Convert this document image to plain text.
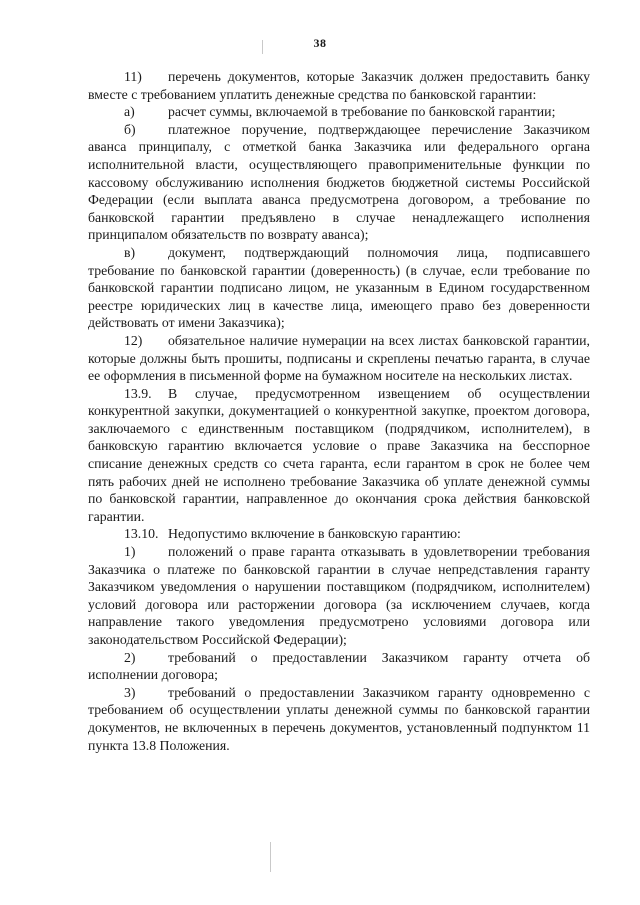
38

11) перечень документов, которые Заказчик должен предоставить банку вместе с требованием уплатить денежные средства по банковской гарантии:

а) расчет суммы, включаемой в требование по банковской гарантии;

б) платежное поручение, подтверждающее перечисление Заказчиком аванса принципалу, с отметкой банка Заказчика или федерального органа исполнительной власти, осуществляющего правоприменительные функции по кассовому обслуживанию исполнения бюджетов бюджетной системы Российской Федерации (если выплата аванса предусмотрена договором, а требование по банковской гарантии предъявлено в случае ненадлежащего исполнения принципалом обязательств по возврату аванса);

в) документ, подтверждающий полномочия лица, подписавшего требование по банковской гарантии (доверенность) (в случае, если требование по банковской гарантии подписано лицом, не указанным в Едином государственном реестре юридических лиц в качестве лица, имеющего право без доверенности действовать от имени Заказчика);

12) обязательное наличие нумерации на всех листах банковской гарантии, которые должны быть прошиты, подписаны и скреплены печатью гаранта, в случае ее оформления в письменной форме на бумажном носителе на нескольких листах.

13.9. В случае, предусмотренном извещением об осуществлении конкурентной закупки, документацией о конкурентной закупке, проектом договора, заключаемого с единственным поставщиком (подрядчиком, исполнителем), в банковскую гарантию включается условие о праве Заказчика на бесспорное списание денежных средств со счета гаранта, если гарантом в срок не более чем пять рабочих дней не исполнено требование Заказчика об уплате денежной суммы по банковской гарантии, направленное до окончания срока действия банковской гарантии.

13.10. Недопустимо включение в банковскую гарантию:

1) положений о праве гаранта отказывать в удовлетворении требования Заказчика о платеже по банковской гарантии в случае непредставления гаранту Заказчиком уведомления о нарушении поставщиком (подрядчиком, исполнителем) условий договора или расторжении договора (за исключением случаев, когда направление такого уведомления предусмотрено условиями договора или законодательством Российской Федерации);

2) требований о предоставлении Заказчиком гаранту отчета об исполнении договора;

3) требований о предоставлении Заказчиком гаранту одновременно с требованием об осуществлении уплаты денежной суммы по банковской гарантии документов, не включенных в перечень документов, установленный подпунктом 11 пункта 13.8 Положения.
